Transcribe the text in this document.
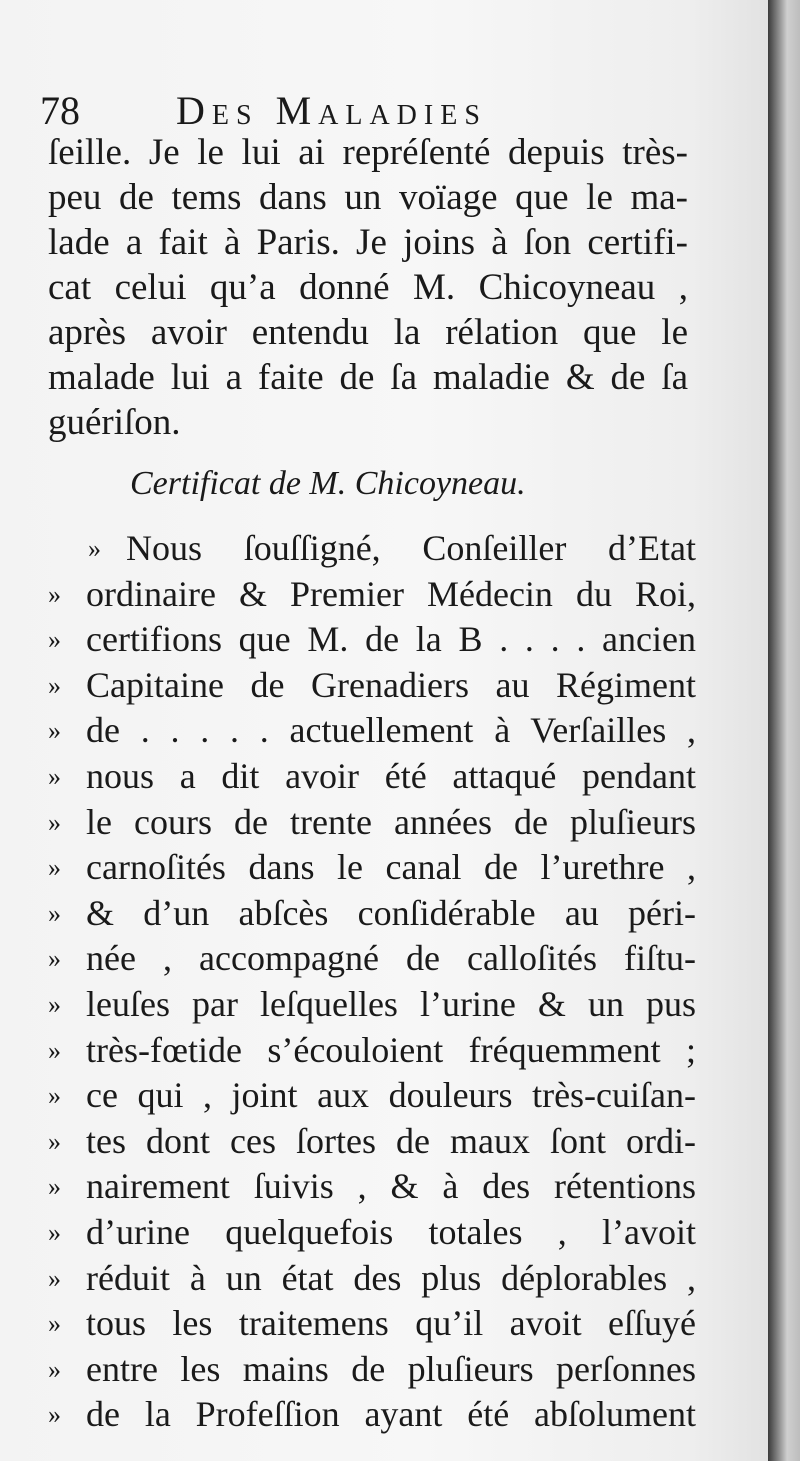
78 Des Maladies
ſeille. Je le lui ai repréſenté depuis très-
peu de tems dans un voïage que le ma-
lade a fait à Paris. Je joins à ſon certifi-
cat celui qu’a donné M. Chicoyneau ,
après avoir entendu la rélation que le
malade lui a faite de ſa maladie & de ſa
guériſon.
Certificat de M. Chicoyneau.
» Nous ſouſſigné, Conſeiller d’Etat
» ordinaire & Premier Médecin du Roi,
» certifions que M. de la B . . . . ancien
» Capitaine de Grenadiers au Régiment
» de . . . . . actuellement à Verſailles ,
» nous a dit avoir été attaqué pendant
» le cours de trente années de pluſieurs
» carnoſités dans le canal de l’urethre ,
» & d’un abſcès conſidérable au péri-
» née , accompagné de calloſités fiſtu-
» leuſes par leſquelles l’urine & un pus
» très-fœtide s’écouloient fréquemment ;
» ce qui , joint aux douleurs très-cuiſan-
» tes dont ces ſortes de maux ſont ordi-
» nairement ſuivis , & à des rétentions
» d’urine quelquefois totales , l’avoit
» réduit à un état des plus déplorables ,
» tous les traitemens qu’il avoit eſſuyé
» entre les mains de pluſieurs perſonnes
» de la Profeſſion ayant été abſolument
